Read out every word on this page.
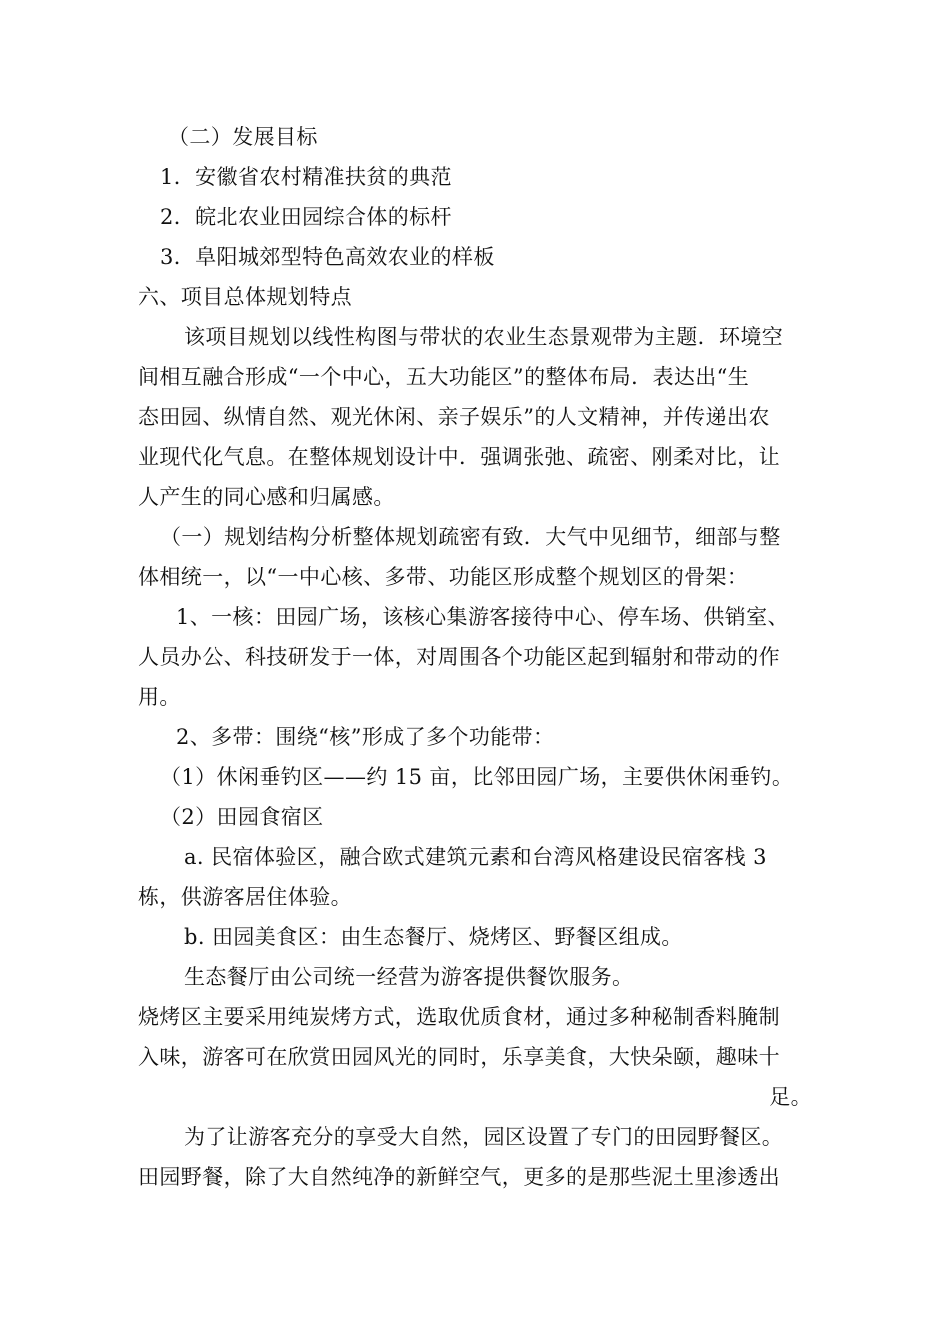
（二）发展目标
1．安徽省农村精准扶贫的典范
2．皖北农业田园综合体的标杆
3．阜阳城郊型特色高效农业的样板
六、项目总体规划特点
该项目规划以线性构图与带状的农业生态景观带为主题．环境空
间相互融合形成“一个中心，五大功能区”的整体布局．表达出“生
态田园、纵情自然、观光休闲、亲子娱乐”的人文精神，并传递出农
业现代化气息。在整体规划设计中．强调张弛、疏密、刚柔对比，让
人产生的同心感和归属感。
（一）规划结构分析整体规划疏密有致．大气中见细节，细部与整
体相统一，以“一中心核、多带、功能区形成整个规划区的骨架：
1、一核：田园广场，该核心集游客接待中心、停车场、供销室、
人员办公、科技研发于一体，对周围各个功能区起到辐射和带动的作
用。
2、多带：围绕“核”形成了多个功能带：
（1）休闲垂钓区——约 15 亩，比邻田园广场，主要供休闲垂钓。
（2）田园食宿区
a. 民宿体验区，融合欧式建筑元素和台湾风格建设民宿客栈 3
栋，供游客居住体验。
b. 田园美食区：由生态餐厅、烧烤区、野餐区组成。
生态餐厅由公司统一经营为游客提供餐饮服务。
烧烤区主要采用纯炭烤方式，选取优质食材，通过多种秘制香料腌制
入味，游客可在欣赏田园风光的同时，乐享美食，大快朵颐，趣味十
足。
为了让游客充分的享受大自然，园区设置了专门的田园野餐区。
田园野餐，除了大自然纯净的新鲜空气，更多的是那些泥土里渗透出
